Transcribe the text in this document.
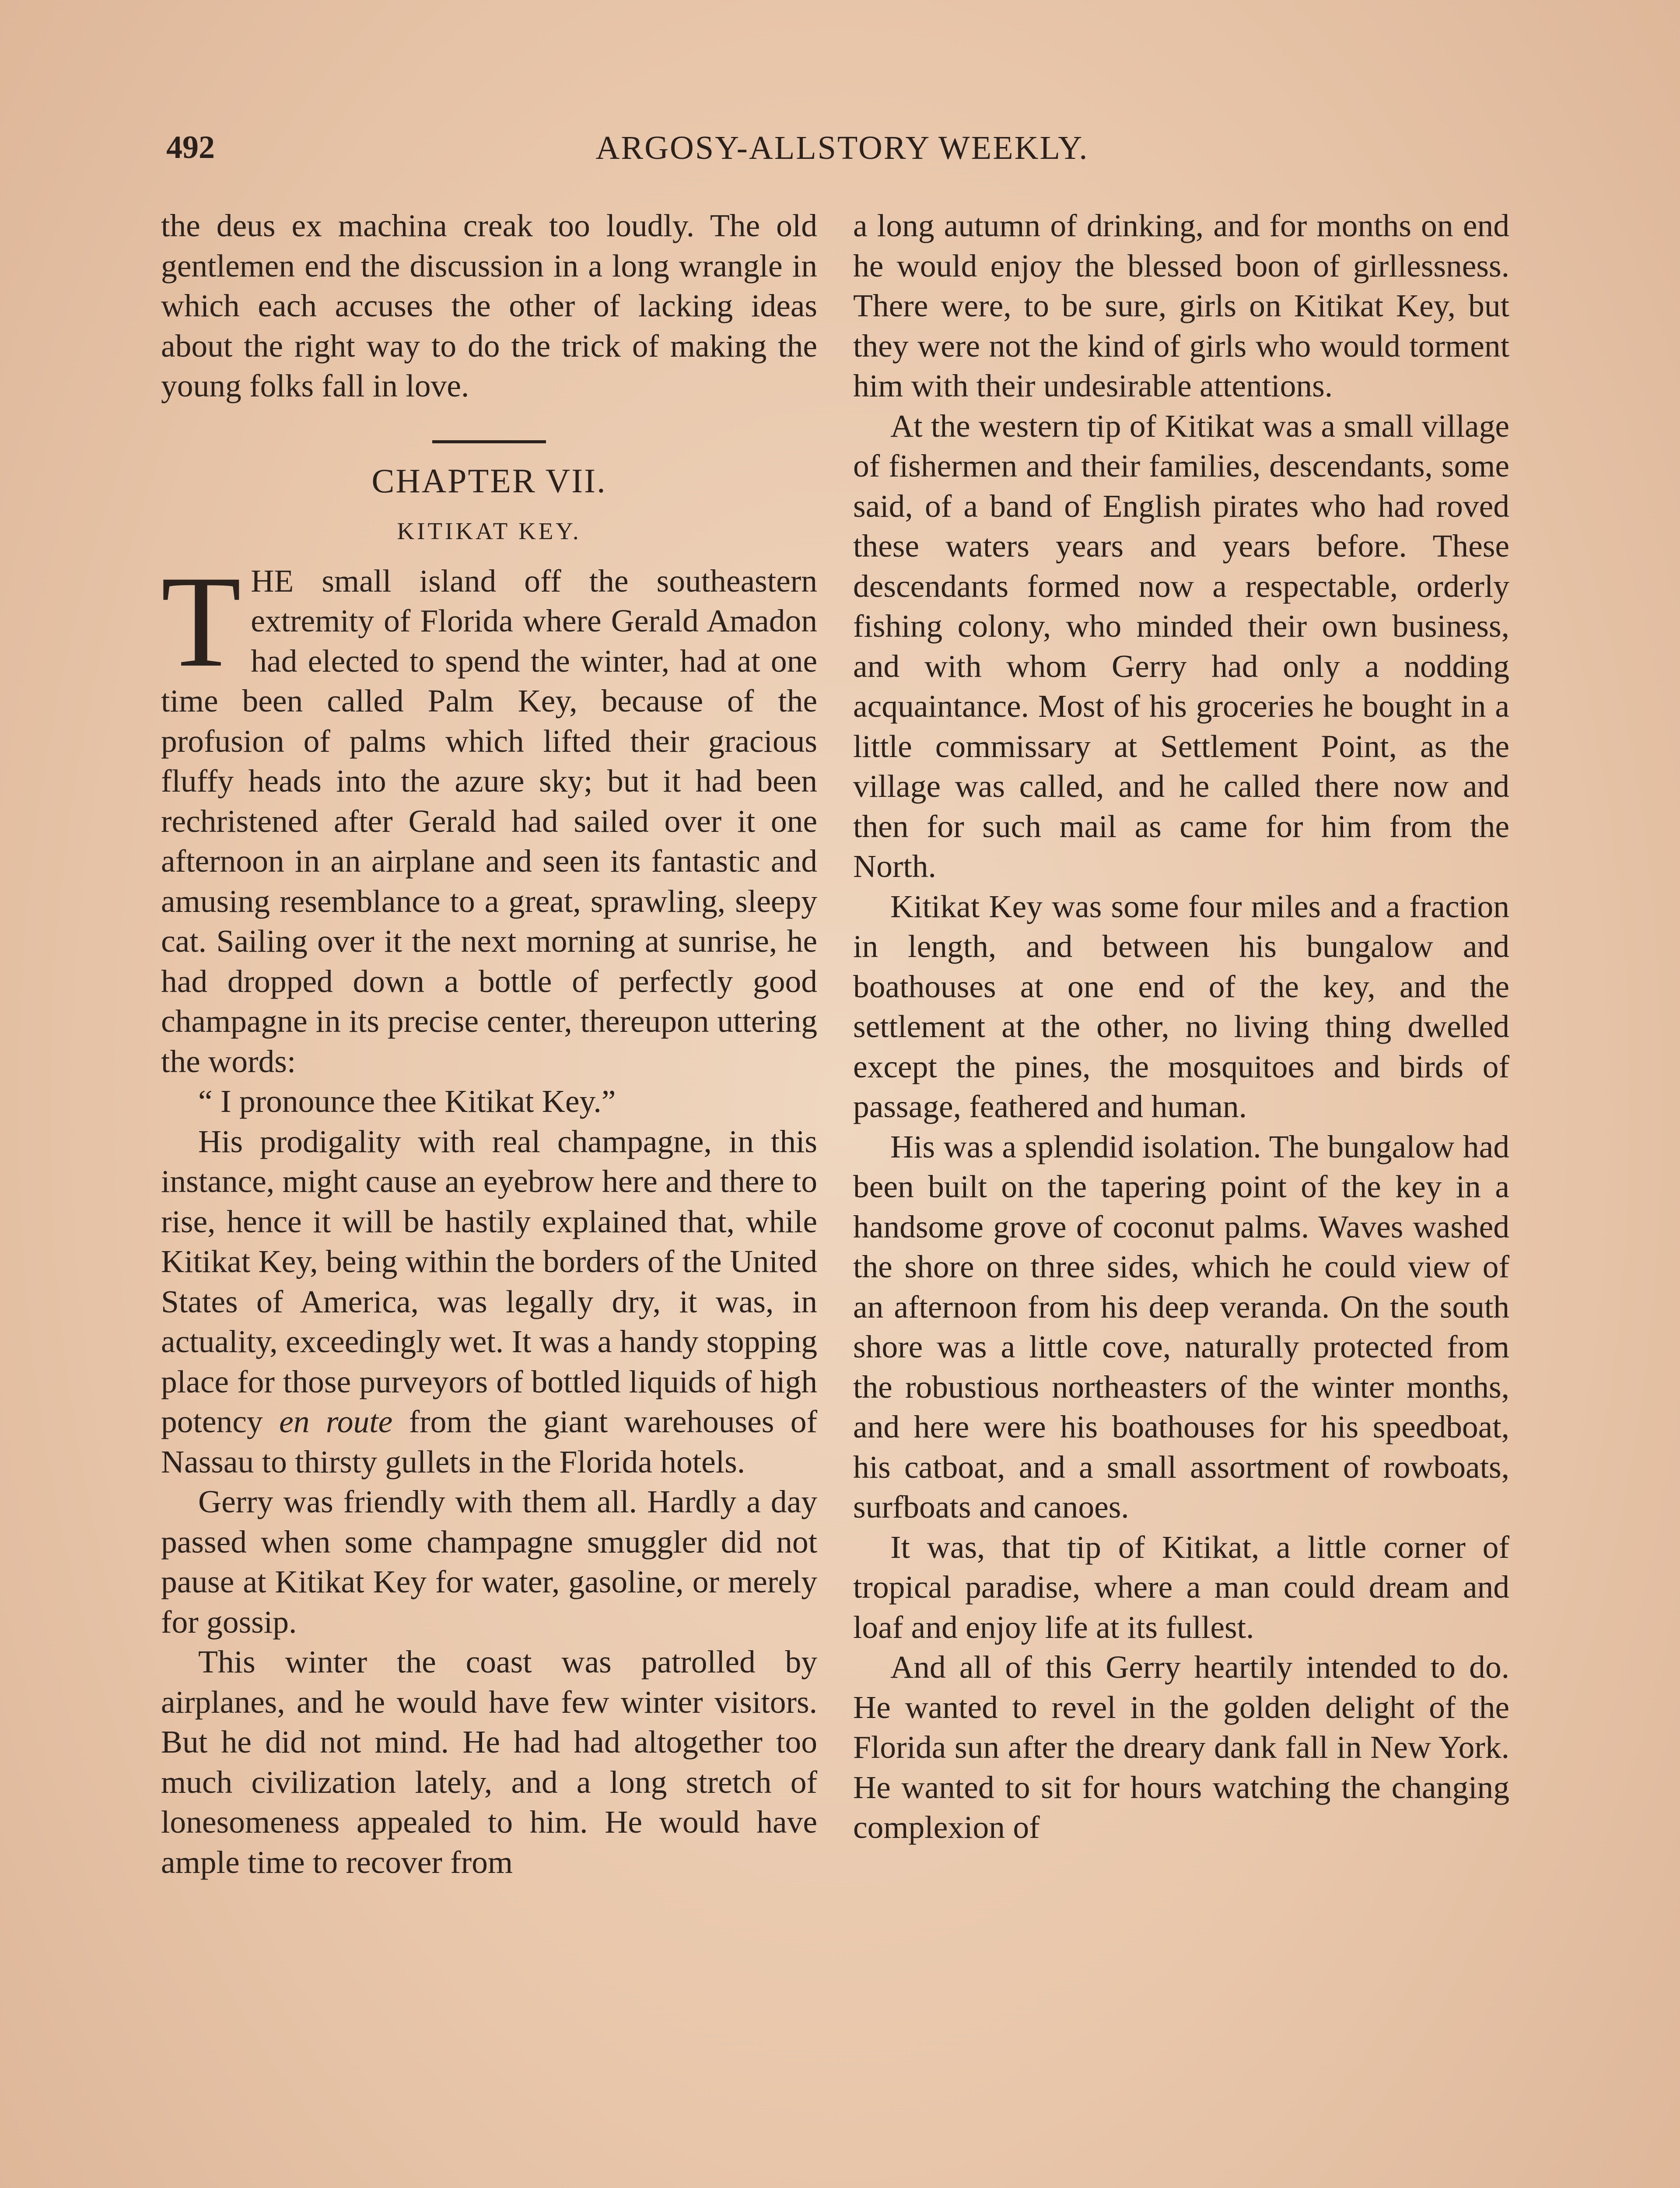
492	ARGOSY-ALLSTORY WEEKLY.

the deus ex machina creak too loudly. The old gentlemen end the discussion in a long wrangle in which each accuses the other of lacking ideas about the right way to do the trick of making the young folks fall in love.

CHAPTER VII.
KITIKAT KEY.

THE small island off the southeastern extremity of Florida where Gerald Amadon had elected to spend the winter, had at one time been called Palm Key, because of the profusion of palms which lifted their gracious fluffy heads into the azure sky; but it had been rechristened after Gerald had sailed over it one afternoon in an airplane and seen its fantastic and amusing resemblance to a great, sprawling, sleepy cat. Sailing over it the next morning at sunrise, he had dropped down a bottle of perfectly good champagne in its precise center, thereupon uttering the words:

“ I pronounce thee Kitikat Key.”

His prodigality with real champagne, in this instance, might cause an eyebrow here and there to rise, hence it will be hastily explained that, while Kitikat Key, being within the borders of the United States of America, was legally dry, it was, in actuality, exceedingly wet. It was a handy stopping place for those purveyors of bottled liquids of high potency en route from the giant warehouses of Nassau to thirsty gullets in the Florida hotels.

Gerry was friendly with them all. Hardly a day passed when some champagne smuggler did not pause at Kitikat Key for water, gasoline, or merely for gossip.

This winter the coast was patrolled by airplanes, and he would have few winter visitors. But he did not mind. He had had altogether too much civilization lately, and a long stretch of lonesomeness appealed to him. He would have ample time to recover from

a long autumn of drinking, and for months on end he would enjoy the blessed boon of girllessness. There were, to be sure, girls on Kitikat Key, but they were not the kind of girls who would torment him with their undesirable attentions.

At the western tip of Kitikat was a small village of fishermen and their families, descendants, some said, of a band of English pirates who had roved these waters years and years before. These descendants formed now a respectable, orderly fishing colony, who minded their own business, and with whom Gerry had only a nodding acquaintance. Most of his groceries he bought in a little commissary at Settlement Point, as the village was called, and he called there now and then for such mail as came for him from the North.

Kitikat Key was some four miles and a fraction in length, and between his bungalow and boathouses at one end of the key, and the settlement at the other, no living thing dwelled except the pines, the mosquitoes and birds of passage, feathered and human.

His was a splendid isolation. The bungalow had been built on the tapering point of the key in a handsome grove of coconut palms. Waves washed the shore on three sides, which he could view of an afternoon from his deep veranda. On the south shore was a little cove, naturally protected from the robustious northeasters of the winter months, and here were his boathouses for his speedboat, his catboat, and a small assortment of rowboats, surfboats and canoes.

It was, that tip of Kitikat, a little corner of tropical paradise, where a man could dream and loaf and enjoy life at its fullest.

And all of this Gerry heartily intended to do. He wanted to revel in the golden delight of the Florida sun after the dreary dank fall in New York. He wanted to sit for hours watching the changing complexion of
